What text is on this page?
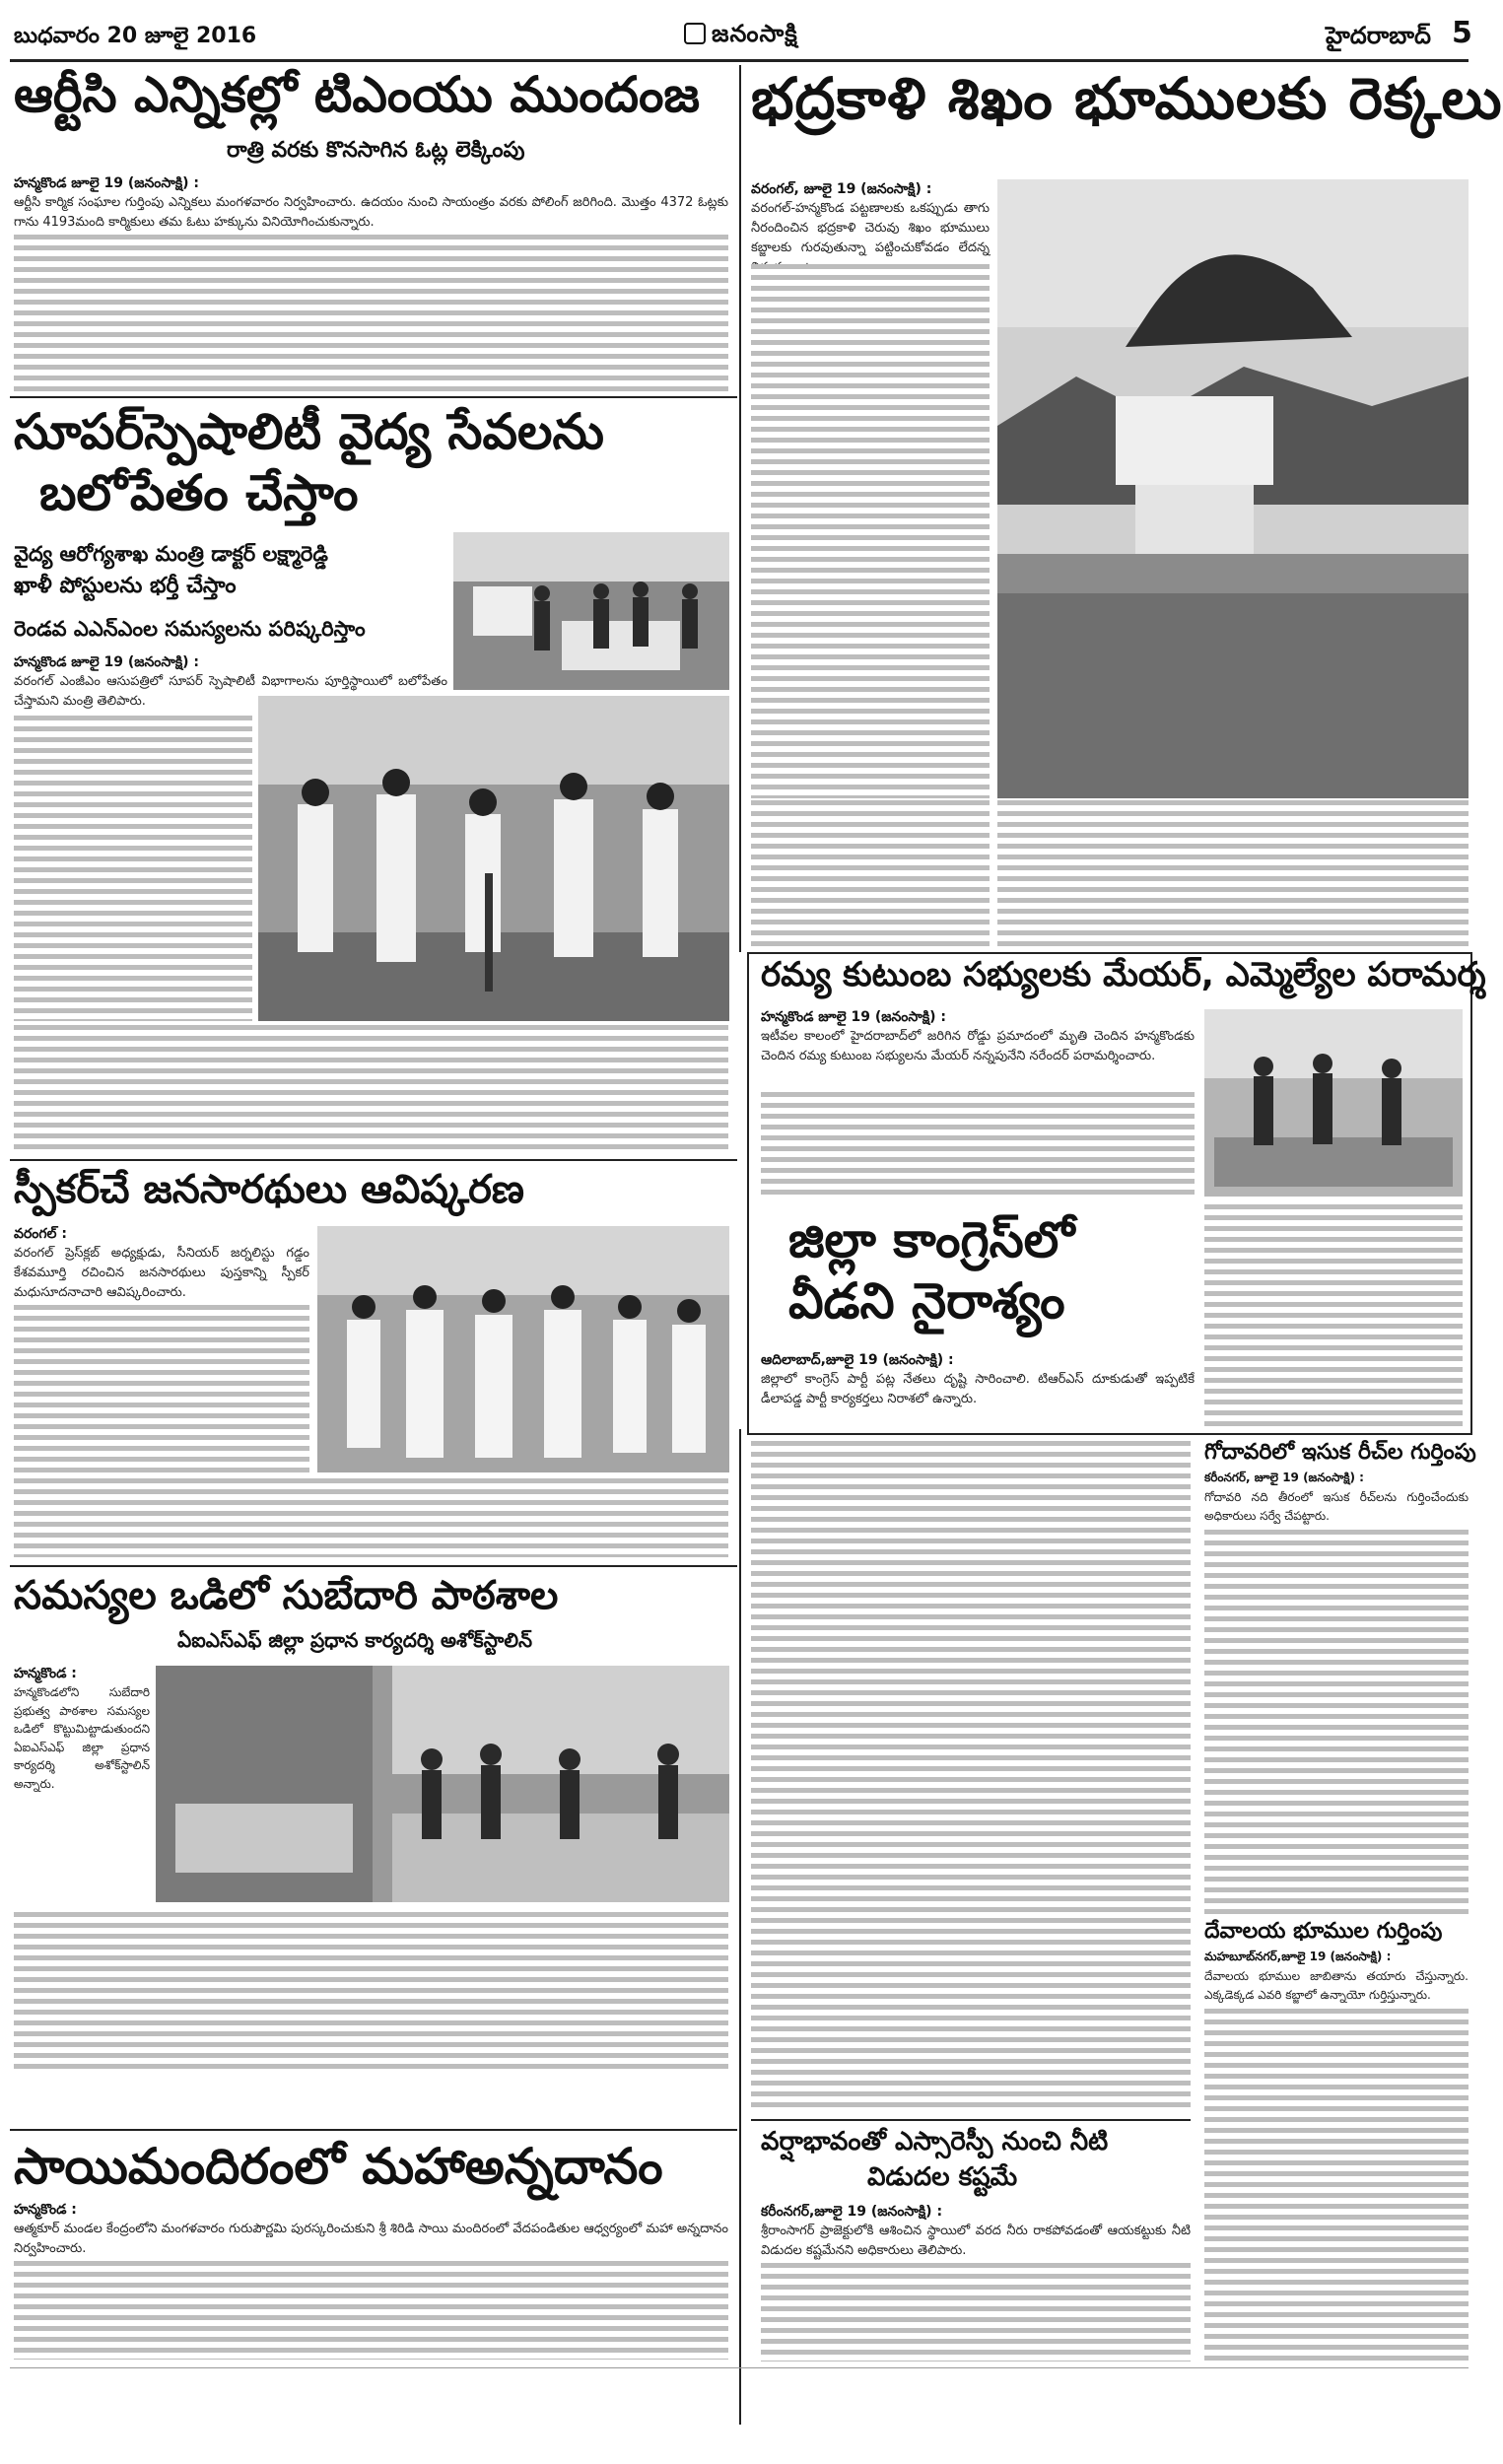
బుధవారం 20 జూలై 2016	జనంసాక్షి	హైదరాబాద్ 5
ఆర్టీసి ఎన్నికల్లో టిఎంయు ముందంజ
రాత్రి వరకు కొనసాగిన ఓట్ల లెక్కింపు
హన్మకొండ జూలై 19 (జనంసాక్షి) :
ఆర్టీసి కార్మిక సంఘాల గుర్తింపు ఎన్నికలు మంగళవారం నిర్వహించారు. ఉదయం నుంచి సాయంత్రం వరకు పోలింగ్ జరిగింది. మొత్తం 4372 ఓట్లకు గాను 4193మంది కార్మికులు తమ ఓటు హక్కును వినియోగించుకున్నారు.
సూపర్‌స్పెషాలిటీ వైద్య సేవలను
బలోపేతం చేస్తాం
వైద్య ఆరోగ్యశాఖ మంత్రి డాక్టర్ లక్ష్మారెడ్డి
ఖాళీ పోస్టులను భర్తీ చేస్తాం
రెండవ ఎఎన్‌ఎంల సమస్యలను పరిష్కరిస్తాం
హన్మకొండ జూలై 19 (జనంసాక్షి) :
వరంగల్ ఎంజీఎం ఆసుపత్రిలో సూపర్ స్పెషాలిటీ విభాగాలను పూర్తిస్థాయిలో బలోపేతం చేస్తామని మంత్రి తెలిపారు.
స్పీకర్‌చే జనసారథులు ఆవిష్కరణ
వరంగల్ :
వరంగల్ ప్రెస్‌క్లబ్ అధ్యక్షుడు, సీనియర్ జర్నలిస్టు గడ్డం కేశవమూర్తి రచించిన జనసారథులు పుస్తకాన్ని స్పీకర్ మధుసూదనాచారి ఆవిష్కరించారు.
సమస్యల ఒడిలో సుబేదారి పాఠశాల
ఏఐఎస్‌ఎఫ్ జిల్లా ప్రధాన కార్యదర్శి అశోక్‌స్టాలిన్
హన్మకొండ :
హన్మకొండలోని సుబేదారి ప్రభుత్వ పాఠశాల సమస్యల ఒడిలో కొట్టుమిట్టాడుతుందని ఏఐఎస్‌ఎఫ్ జిల్లా ప్రధాన కార్యదర్శి అశోక్‌స్టాలిన్ అన్నారు.
సాయిమందిరంలో మహాఅన్నదానం
హన్మకొండ :
ఆత్మకూర్ మండల కేంద్రంలోని మంగళవారం గురుపౌర్ణమి పురస్కరించుకుని శ్రీ శిరిడి సాయి మందిరంలో వేదపండితుల ఆధ్వర్యంలో మహా అన్నదానం నిర్వహించారు.
భద్రకాళి శిఖం భూములకు రెక్కలు
వరంగల్, జూలై 19 (జనంసాక్షి) :
వరంగల్-హన్మకొండ పట్టణాలకు ఒకప్పుడు తాగు నీరందించిన భద్రకాళి చెరువు శిఖం భూములు కబ్జాలకు గురవుతున్నా పట్టించుకోవడం లేదన్న
రమ్య కుటుంబ సభ్యులకు మేయర్, ఎమ్మెల్యేల పరామర్శ
హన్మకొండ జూలై 19 (జనంసాక్షి) :
ఇటీవల కాలంలో హైదరాబాద్‌లో జరిగిన రోడ్డు ప్రమాదంలో మృతి చెందిన హన్మకొండకు చెందిన రమ్య కుటుంబ సభ్యులను మేయర్ నన్నపునేని నరేందర్ పరామర్శించారు.
జిల్లా కాంగ్రెస్‌లో
వీడని నైరాశ్యం
ఆదిలాబాద్,జూలై 19 (జనంసాక్షి) :
జిల్లాలో కాంగ్రెస్ పార్టీ పట్ల నేతలు దృష్టి సారించాలి. టిఆర్‌ఎస్ దూకుడుతో ఇప్పటికే డీలాపడ్డ పార్టీ కార్యకర్తలు నిరాశలో ఉన్నారు.
గోదావరిలో ఇసుక రీచ్‌ల గుర్తింపు
కరీంనగర్, జూలై 19 (జనంసాక్షి) :
గోదావరి నది తీరంలో ఇసుక రీచ్‌లను గుర్తించేందుకు అధికారులు సర్వే చేపట్టారు.
దేవాలయ భూముల గుర్తింపు
మహబూబ్‌నగర్,జూలై 19 (జనంసాక్షి) :
దేవాలయ భూముల జాబితాను తయారు చేస్తున్నారు. ఎక్కడెక్కడ ఎవరి కబ్జాలో ఉన్నాయో గుర్తిస్తున్నారు.
వర్షాభావంతో ఎస్సారెస్పీ నుంచి నీటి
విడుదల కష్టమే
కరీంనగర్,జూలై 19 (జనంసాక్షి) :
శ్రీరాంసాగర్ ప్రాజెక్టులోకి ఆశించిన స్థాయిలో వరద నీరు రాకపోవడంతో ఆయకట్టుకు నీటి విడుదల కష్టమేనని అధికారులు తెలిపారు.
